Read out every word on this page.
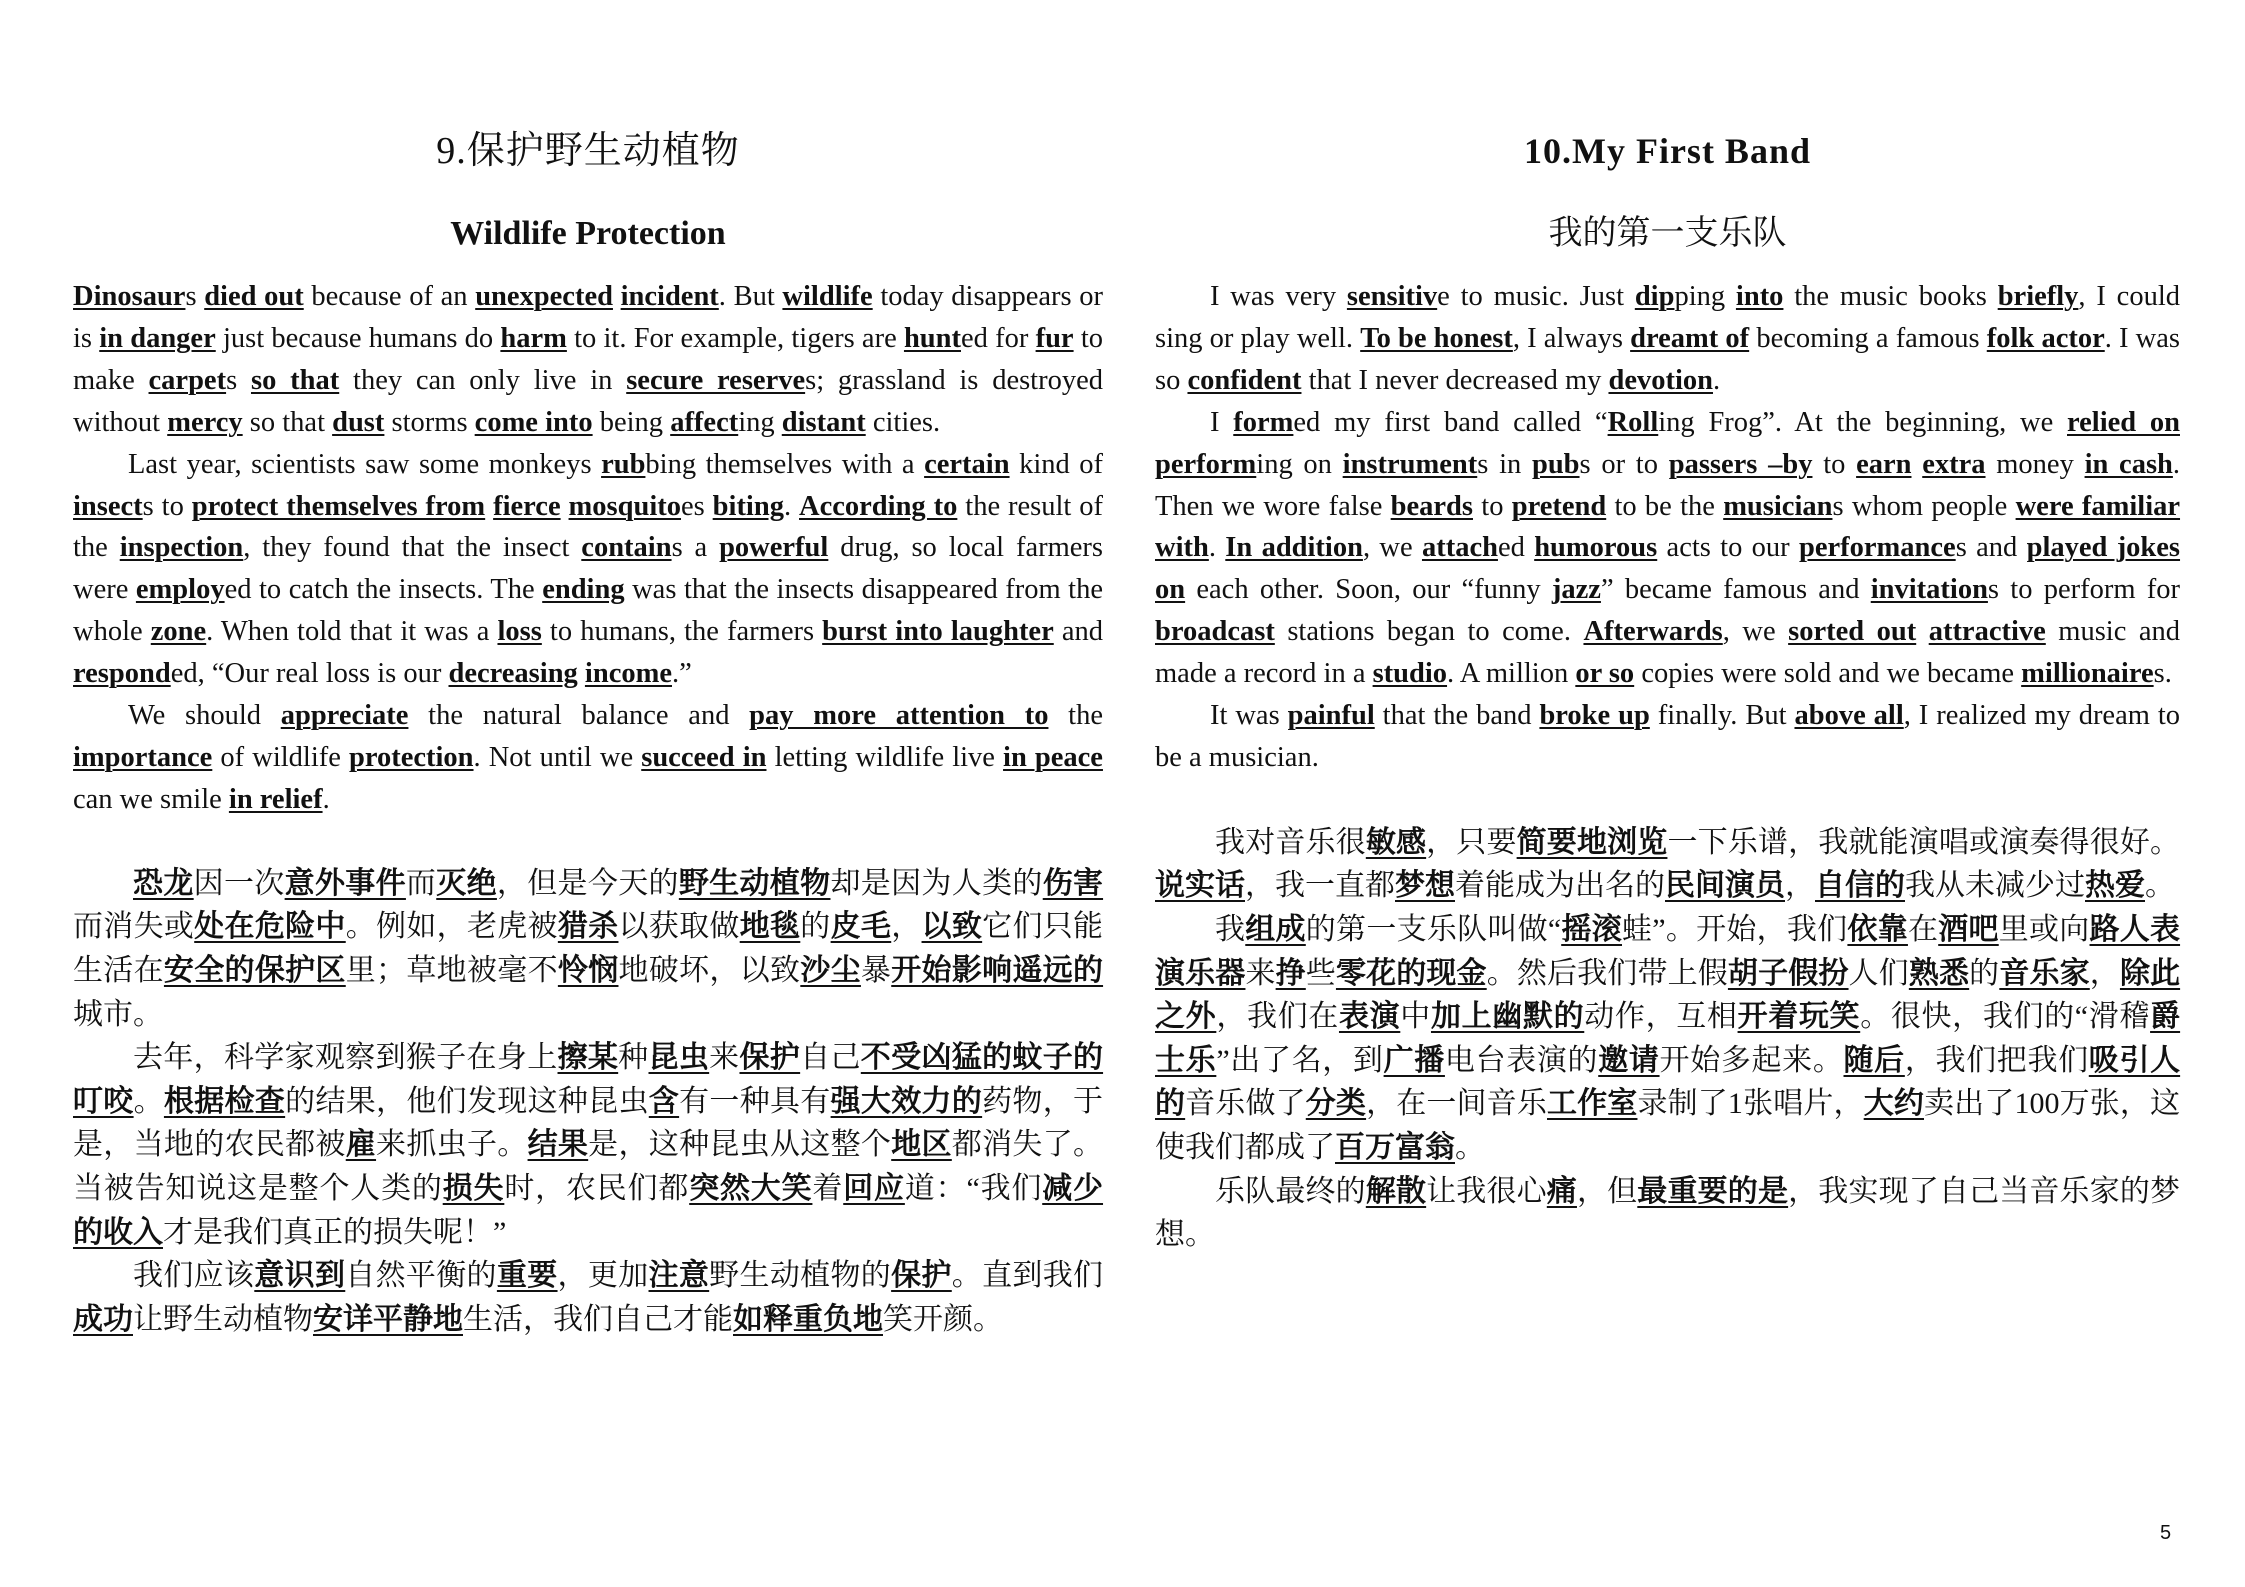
9.保护野生动植物
Wildlife Protection

Dinosaurs died out because of an unexpected incident. But wildlife today disappears or is in danger just because humans do harm to it. For example, tigers are hunted for fur to make carpets so that they can only live in secure reserves; grassland is destroyed without mercy so that dust storms come into being affecting distant cities.

Last year, scientists saw some monkeys rubbing themselves with a certain kind of insects to protect themselves from fierce mosquitoes biting. According to the result of the inspection, they found that the insect contains a powerful drug, so local farmers were employed to catch the insects. The ending was that the insects disappeared from the whole zone. When told that it was a loss to humans, the farmers burst into laughter and responded, “Our real loss is our decreasing income.”

We should appreciate the natural balance and pay more attention to the importance of wildlife protection. Not until we succeed in letting wildlife live in peace can we smile in relief.

恐龙因一次意外事件而灭绝，但是今天的野生动植物却是因为人类的伤害而消失或处在危险中。例如，老虎被猎杀以获取做地毯的皮毛，以致它们只能生活在安全的保护区里；草地被毫不怜悯地破坏，以致沙尘暴开始影响遥远的城市。

去年，科学家观察到猴子在身上擦某种昆虫来保护自己不受凶猛的蚊子的叮咬。根据检查的结果，他们发现这种昆虫含有一种具有强大效力的药物，于是，当地的农民都被雇来抓虫子。结果是，这种昆虫从这整个地区都消失了。当被告知说这是整个人类的损失时，农民们都突然大笑着回应道：“我们减少的收入才是我们真正的损失呢！”

我们应该意识到自然平衡的重要，更加注意野生动植物的保护。直到我们成功让野生动植物安详平静地生活，我们自己才能如释重负地笑开颜。

10.My First Band
我的第一支乐队

I was very sensitive to music. Just dipping into the music books briefly, I could sing or play well. To be honest, I always dreamt of becoming a famous folk actor. I was so confident that I never decreased my devotion.

I formed my first band called “Rolling Frog”. At the beginning, we relied on performing on instruments in pubs or to passers –by to earn extra money in cash. Then we wore false beards to pretend to be the musicians whom people were familiar with. In addition, we attached humorous acts to our performances and played jokes on each other. Soon, our “funny jazz” became famous and invitations to perform for broadcast stations began to come. Afterwards, we sorted out attractive music and made a record in a studio. A million or so copies were sold and we became millionaires.

It was painful that the band broke up finally. But above all, I realized my dream to be a musician.

我对音乐很敏感，只要简要地浏览一下乐谱，我就能演唱或演奏得很好。说实话，我一直都梦想着能成为出名的民间演员，自信的我从未减少过热爱。

我组成的第一支乐队叫做“摇滚蛙”。开始，我们依靠在酒吧里或向路人表演乐器来挣些零花的现金。然后我们带上假胡子假扮人们熟悉的音乐家，除此之外，我们在表演中加上幽默的动作，互相开着玩笑。很快，我们的“滑稽爵士乐”出了名，到广播电台表演的邀请开始多起来。随后，我们把我们吸引人的音乐做了分类，在一间音乐工作室录制了1张唱片，大约卖出了100万张，这使我们都成了百万富翁。

乐队最终的解散让我很心痛，但最重要的是，我实现了自己当音乐家的梦想。

5
